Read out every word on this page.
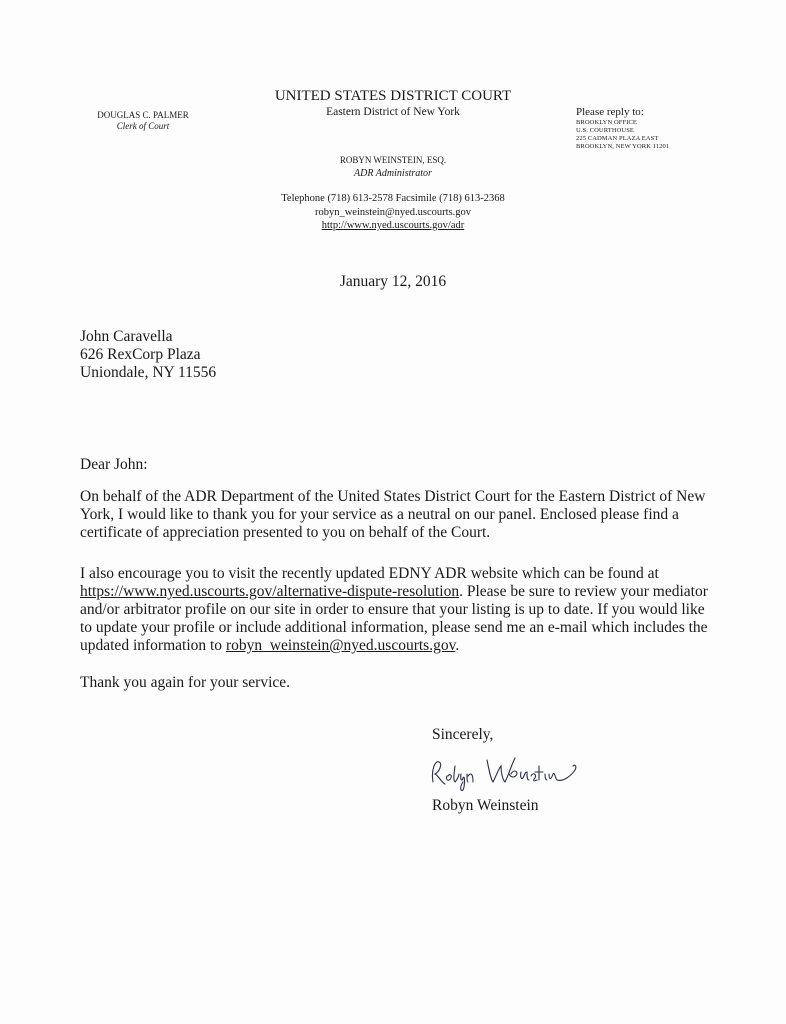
DOUGLAS C. PALMER
Clerk of Court
UNITED STATES DISTRICT COURT
Eastern District of New York
ROBYN WEINSTEIN, ESQ.
ADR Administrator
Telephone (718) 613-2578 Facsimile (718) 613-2368
robyn_weinstein@nyed.uscourts.gov
http://www.nyed.uscourts.gov/adr
Please reply to:
BROOKLYN OFFICE
U.S. COURTHOUSE
225 CADMAN PLAZA EAST
BROOKLYN, NEW YORK 11201
January 12, 2016
John Caravella
626 RexCorp Plaza
Uniondale, NY 11556
Dear John:
On behalf of the ADR Department of the United States District Court for the Eastern District of New York, I would like to thank you for your service as a neutral on our panel. Enclosed please find a certificate of appreciation presented to you on behalf of the Court.
I also encourage you to visit the recently updated EDNY ADR website which can be found at https://www.nyed.uscourts.gov/alternative-dispute-resolution. Please be sure to review your mediator and/or arbitrator profile on our site in order to ensure that your listing is up to date. If you would like to update your profile or include additional information, please send me an e-mail which includes the updated information to robyn_weinstein@nyed.uscourts.gov.
Thank you again for your service.
Sincerely,
Robyn Weinstein
